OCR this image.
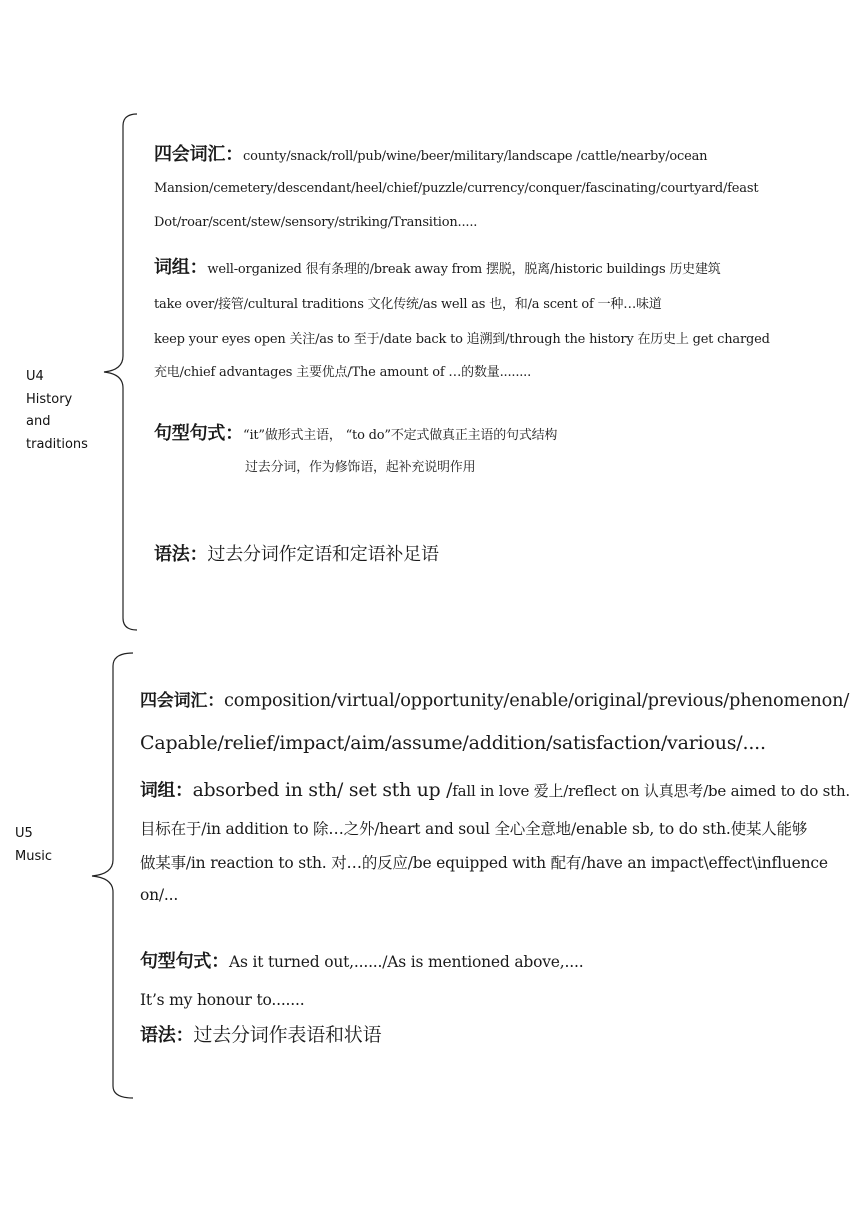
U4
History
and
traditions
四会词汇：county/snack/roll/pub/wine/beer/military/landscape /cattle/nearby/ocean
Mansion/cemetery/descendant/heel/chief/puzzle/currency/conquer/fascinating/courtyard/feast
Dot/roar/scent/stew/sensory/striking/Transition.....
词组：well-organized 很有条理的/break away from 摆脱，脱离/historic buildings 历史建筑
take over/接管/cultural traditions 文化传统/as well as 也，和/a scent of 一种…味道
keep your eyes open 关注/as to 至于/date back to 追溯到/through the history 在历史上 get charged
充电/chief advantages 主要优点/The amount of …的数量........
句型句式：“it”做形式主语， “to do”不定式做真正主语的句式结构
过去分词，作为修饰语，起补充说明作用
语法：过去分词作定语和定语补足语
U5
Music
四会词汇：composition/virtual/opportunity/enable/original/previous/phenomenon/
Capable/relief/impact/aim/assume/addition/satisfaction/various/....
词组：absorbed in sth/ set sth up /fall in love 爱上/reflect on 认真思考/be aimed to do sth.
目标在于/in addition to 除…之外/heart and soul 全心全意地/enable sb, to do sth.使某人能够
做某事/in reaction to sth. 对…的反应/be equipped with 配有/have an impact\effect\influence
on/...
句型句式：As it turned out,....../As is mentioned above,....
It’s my honour to.......
语法：过去分词作表语和状语
